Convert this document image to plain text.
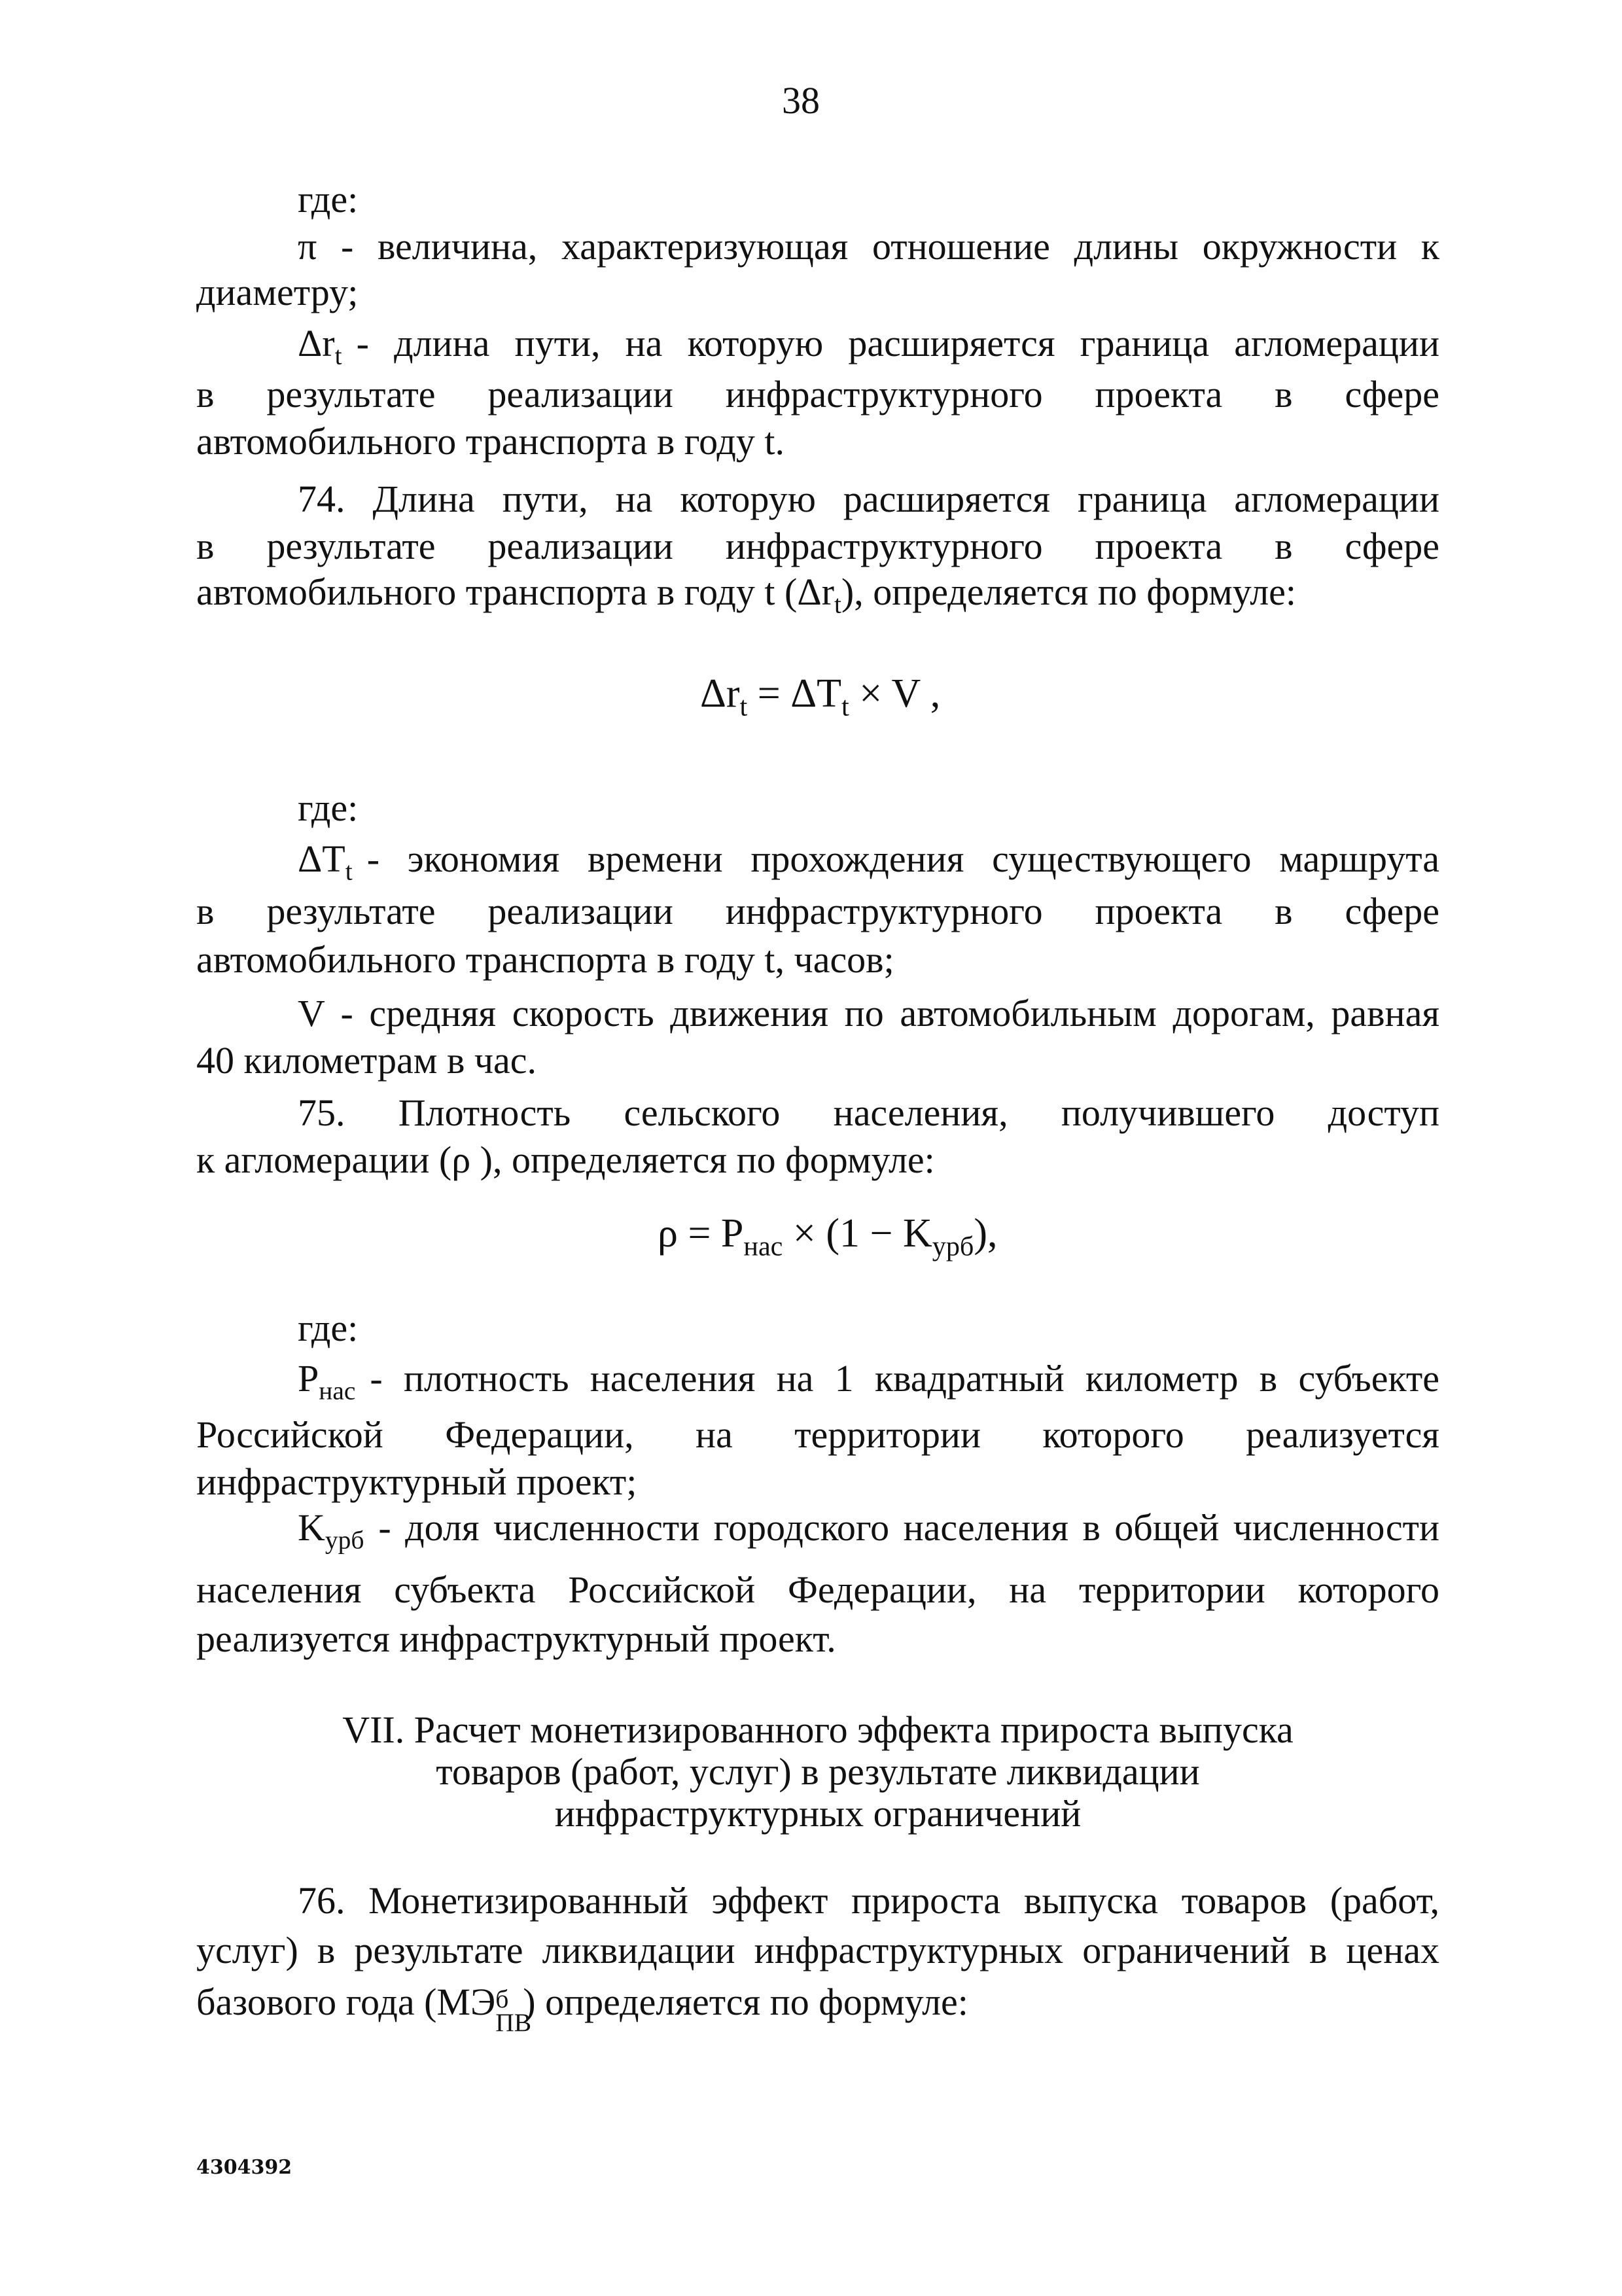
38
где:
π - величина, характеризующая отношение длины окружности к
диаметру;
$\Delta r_t$ - длина пути, на которую расширяется граница агломерации
в результате реализации инфраструктурного проекта в сфере
автомобильного транспорта в году t.
74. Длина пути, на которую расширяется граница агломерации
в результате реализации инфраструктурного проекта в сфере
автомобильного транспорта в году t $(\Delta r_t)$, определяется по формуле:
$\Delta r_t = \Delta T_t \times V$ ,
где:
$\Delta T_t$ - экономия времени прохождения существующего маршрута
в результате реализации инфраструктурного проекта в сфере
автомобильного транспорта в году t, часов;
V - средняя скорость движения по автомобильным дорогам, равная
40 километрам в час.
75. Плотность сельского населения, получившего доступ
к агломерации (ρ ), определяется по формуле:
$\rho = P_{нас} \times (1 - K_{урб})$,
где:
$P_{нас}$ - плотность населения на 1 квадратный километр в субъекте
Российской Федерации, на территории которого реализуется
инфраструктурный проект;
$K_{урб}$ - доля численности городского населения в общей численности
населения субъекта Российской Федерации, на территории которого
реализуется инфраструктурный проект.
VII. Расчет монетизированного эффекта прироста выпуска
товаров (работ, услуг) в результате ликвидации
инфраструктурных ограничений
76. Монетизированный эффект прироста выпуска товаров (работ,
услуг) в результате ликвидации инфраструктурных ограничений в ценах
базового года (МЭ б
ПВ
) определяется по формуле:
4304392
